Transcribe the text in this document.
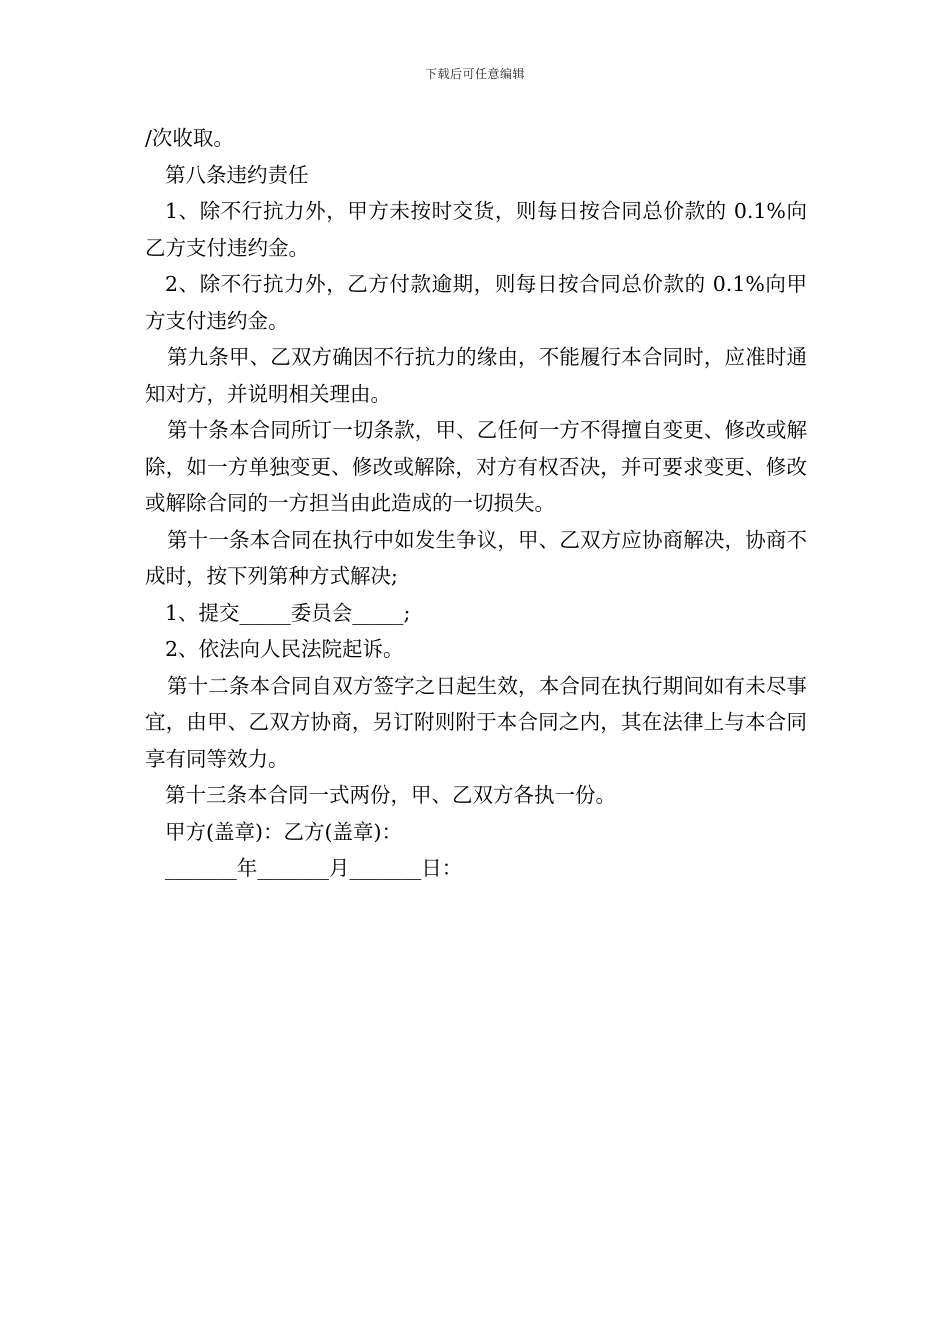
下载后可任意编辑

/次收取。

第八条违约责任

1、除不行抗力外，甲方未按时交货，则每日按合同总价款的 0.1%向乙方支付违约金。

2、除不行抗力外，乙方付款逾期，则每日按合同总价款的 0.1%向甲方支付违约金。

第九条甲、乙双方确因不行抗力的缘由，不能履行本合同时，应准时通知对方，并说明相关理由。

第十条本合同所订一切条款，甲、乙任何一方不得擅自变更、修改或解除，如一方单独变更、修改或解除，对方有权否决，并可要求变更、修改或解除合同的一方担当由此造成的一切损失。

第十一条本合同在执行中如发生争议，甲、乙双方应协商解决，协商不成时，按下列第种方式解决;

1、提交_____委员会_____;

2、依法向人民法院起诉。

第十二条本合同自双方签字之日起生效，本合同在执行期间如有未尽事宜，由甲、乙双方协商，另订附则附于本合同之内，其在法律上与本合同享有同等效力。

第十三条本合同一式两份，甲、乙双方各执一份。

甲方(盖章)：乙方(盖章)：

_______年_______月_______日：
